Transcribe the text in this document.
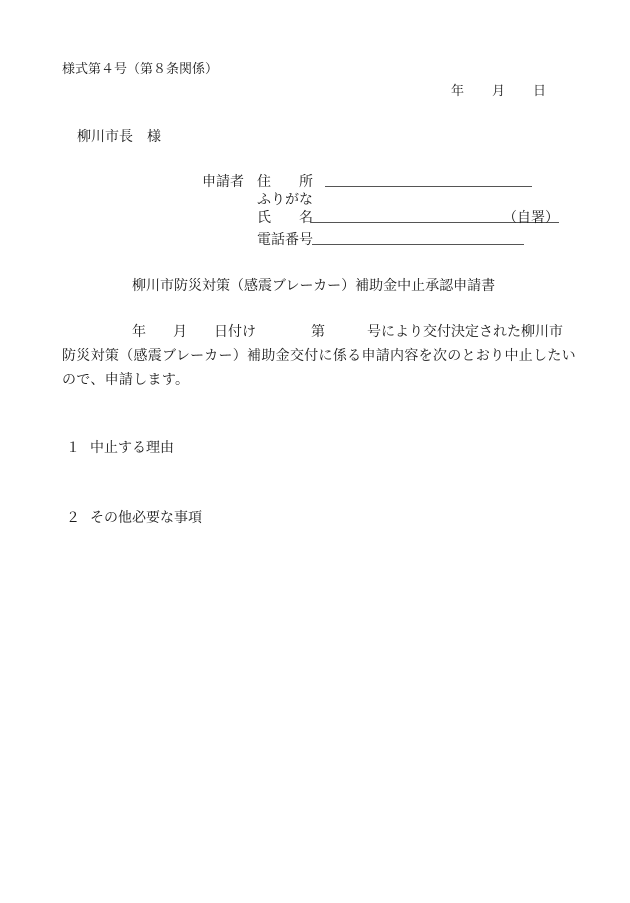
様式第４号（第８条関係）
年 月 日
柳川市長　様
申請者 住　　所
ふりがな
氏　　名	（自署）
電話番号
柳川市防災対策（感震ブレーカー）補助金中止承認申請書
年 月 日付け	第	号により交付決定された柳川市
防災対策（感震ブレーカー）補助金交付に係る申請内容を次のとおり中止したい
ので、申請します。
１ 中止する理由
２ その他必要な事項
